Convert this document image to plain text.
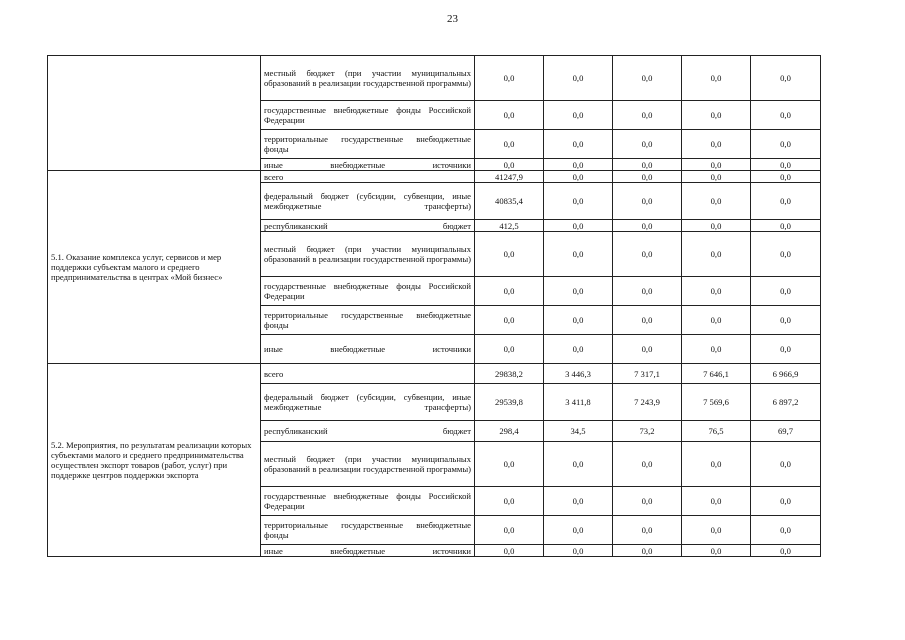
23
	местный бюджет (при участии муниципальных образований в реализации государственной программы)	0,0	0,0	0,0	0,0	0,0
	государственные внебюджетные фонды Российской Федерации	0,0	0,0	0,0	0,0	0,0
	территориальные государственные внебюджетные фонды	0,0	0,0	0,0	0,0	0,0
	иные внебюджетные источники	0,0	0,0	0,0	0,0	0,0
5.1. Оказание комплекса услуг, сервисов и мер поддержки субъектам малого и среднего предпринимательства в центрах «Мой бизнес»	всего	41247,9	0,0	0,0	0,0	0,0
	федеральный бюджет (субсидии, субвенции, иные межбюджетные трансферты)	40835,4	0,0	0,0	0,0	0,0
	республиканский бюджет	412,5	0,0	0,0	0,0	0,0
	местный бюджет (при участии муниципальных образований в реализации государственной программы)	0,0	0,0	0,0	0,0	0,0
	государственные внебюджетные фонды Российской Федерации	0,0	0,0	0,0	0,0	0,0
	территориальные государственные внебюджетные фонды	0,0	0,0	0,0	0,0	0,0
	иные внебюджетные источники	0,0	0,0	0,0	0,0	0,0
5.2. Мероприятия, по результатам реализации которых субъектами малого и среднего предпринимательства осуществлен экспорт товаров (работ, услуг) при поддержке центров поддержки экспорта	всего	29838,2	3 446,3	7 317,1	7 646,1	6 966,9
	федеральный бюджет (субсидии, субвенции, иные межбюджетные трансферты)	29539,8	3 411,8	7 243,9	7 569,6	6 897,2
	республиканский бюджет	298,4	34,5	73,2	76,5	69,7
	местный бюджет (при участии муниципальных образований в реализации государственной программы)	0,0	0,0	0,0	0,0	0,0
	государственные внебюджетные фонды Российской Федерации	0,0	0,0	0,0	0,0	0,0
	территориальные государственные внебюджетные фонды	0,0	0,0	0,0	0,0	0,0
	иные внебюджетные источники	0,0	0,0	0,0	0,0	0,0
